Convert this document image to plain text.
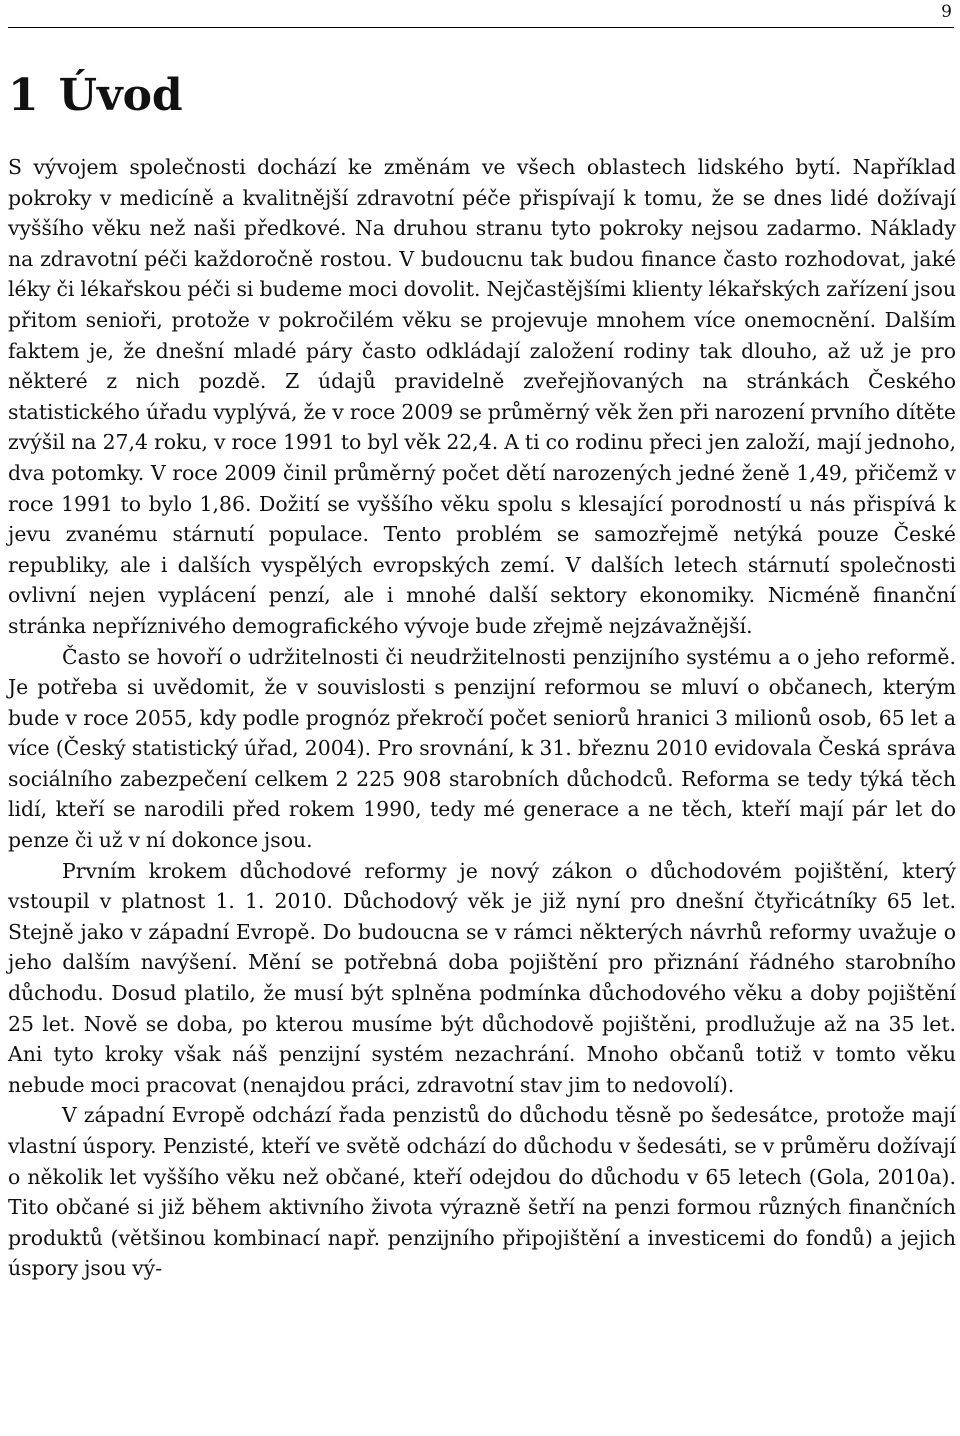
9
1 Úvod

S vývojem společnosti dochází ke změnám ve všech oblastech lidského bytí. Například pokroky v medicíně a kvalitnější zdravotní péče přispívají k tomu, že se dnes lidé dožívají vyššího věku než naši předkové. Na druhou stranu tyto pokroky nejsou zadarmo. Náklady na zdravotní péči každoročně rostou. V budoucnu tak budou finance často rozhodovat, jaké léky či lékařskou péči si budeme moci dovolit. Nejčastějšími klienty lékařských zařízení jsou přitom senioři, protože v pokročilém věku se projevuje mnohem více onemocnění. Dalším faktem je, že dnešní mladé páry často odkládají založení rodiny tak dlouho, až už je pro některé z nich pozdě. Z údajů pravidelně zveřejňovaných na stránkách Českého statistického úřadu vyplývá, že v roce 2009 se průměrný věk žen při narození prvního dítěte zvýšil na 27,4 roku, v roce 1991 to byl věk 22,4. A ti co rodinu přeci jen založí, mají jednoho, dva potomky. V roce 2009 činil průměrný počet dětí narozených jedné ženě 1,49, přičemž v roce 1991 to bylo 1,86. Dožití se vyššího věku spolu s klesající porodností u nás přispívá k jevu zvanému stárnutí populace. Tento problém se samozřejmě netýká pouze České republiky, ale i dalších vyspělých evropských zemí. V dalších letech stárnutí společnosti ovlivní nejen vyplácení penzí, ale i mnohé další sektory ekonomiky. Nicméně finanční stránka nepříznivého demografického vývoje bude zřejmě nejzávažnější.

Často se hovoří o udržitelnosti či neudržitelnosti penzijního systému a o jeho reformě. Je potřeba si uvědomit, že v souvislosti s penzijní reformou se mluví o občanech, kterým bude v roce 2055, kdy podle prognóz překročí počet seniorů hranici 3 milionů osob, 65 let a více (Český statistický úřad, 2004). Pro srovnání, k 31. březnu 2010 evidovala Česká správa sociálního zabezpečení celkem 2 225 908 starobních důchodců. Reforma se tedy týká těch lidí, kteří se narodili před rokem 1990, tedy mé generace a ne těch, kteří mají pár let do penze či už v ní dokonce jsou.

Prvním krokem důchodové reformy je nový zákon o důchodovém pojištění, který vstoupil v platnost 1. 1. 2010. Důchodový věk je již nyní pro dnešní čtyřicátníky 65 let. Stejně jako v západní Evropě. Do budoucna se v rámci některých návrhů reformy uvažuje o jeho dalším navýšení. Mění se potřebná doba pojištění pro přiznání řádného starobního důchodu. Dosud platilo, že musí být splněna podmínka důchodového věku a doby pojištění 25 let. Nově se doba, po kterou musíme být důchodově pojištěni, prodlužuje až na 35 let. Ani tyto kroky však náš penzijní systém nezachrání. Mnoho občanů totiž v tomto věku nebude moci pracovat (nenajdou práci, zdravotní stav jim to nedovolí).

V západní Evropě odchází řada penzistů do důchodu těsně po šedesátce, protože mají vlastní úspory. Penzisté, kteří ve světě odchází do důchodu v šedesáti, se v průměru dožívají o několik let vyššího věku než občané, kteří odejdou do důchodu v 65 letech (Gola, 2010a). Tito občané si již během aktivního života výrazně šetří na penzi formou různých finančních produktů (většinou kombinací např. penzijního připojištění a investicemi do fondů) a jejich úspory jsou vý-
